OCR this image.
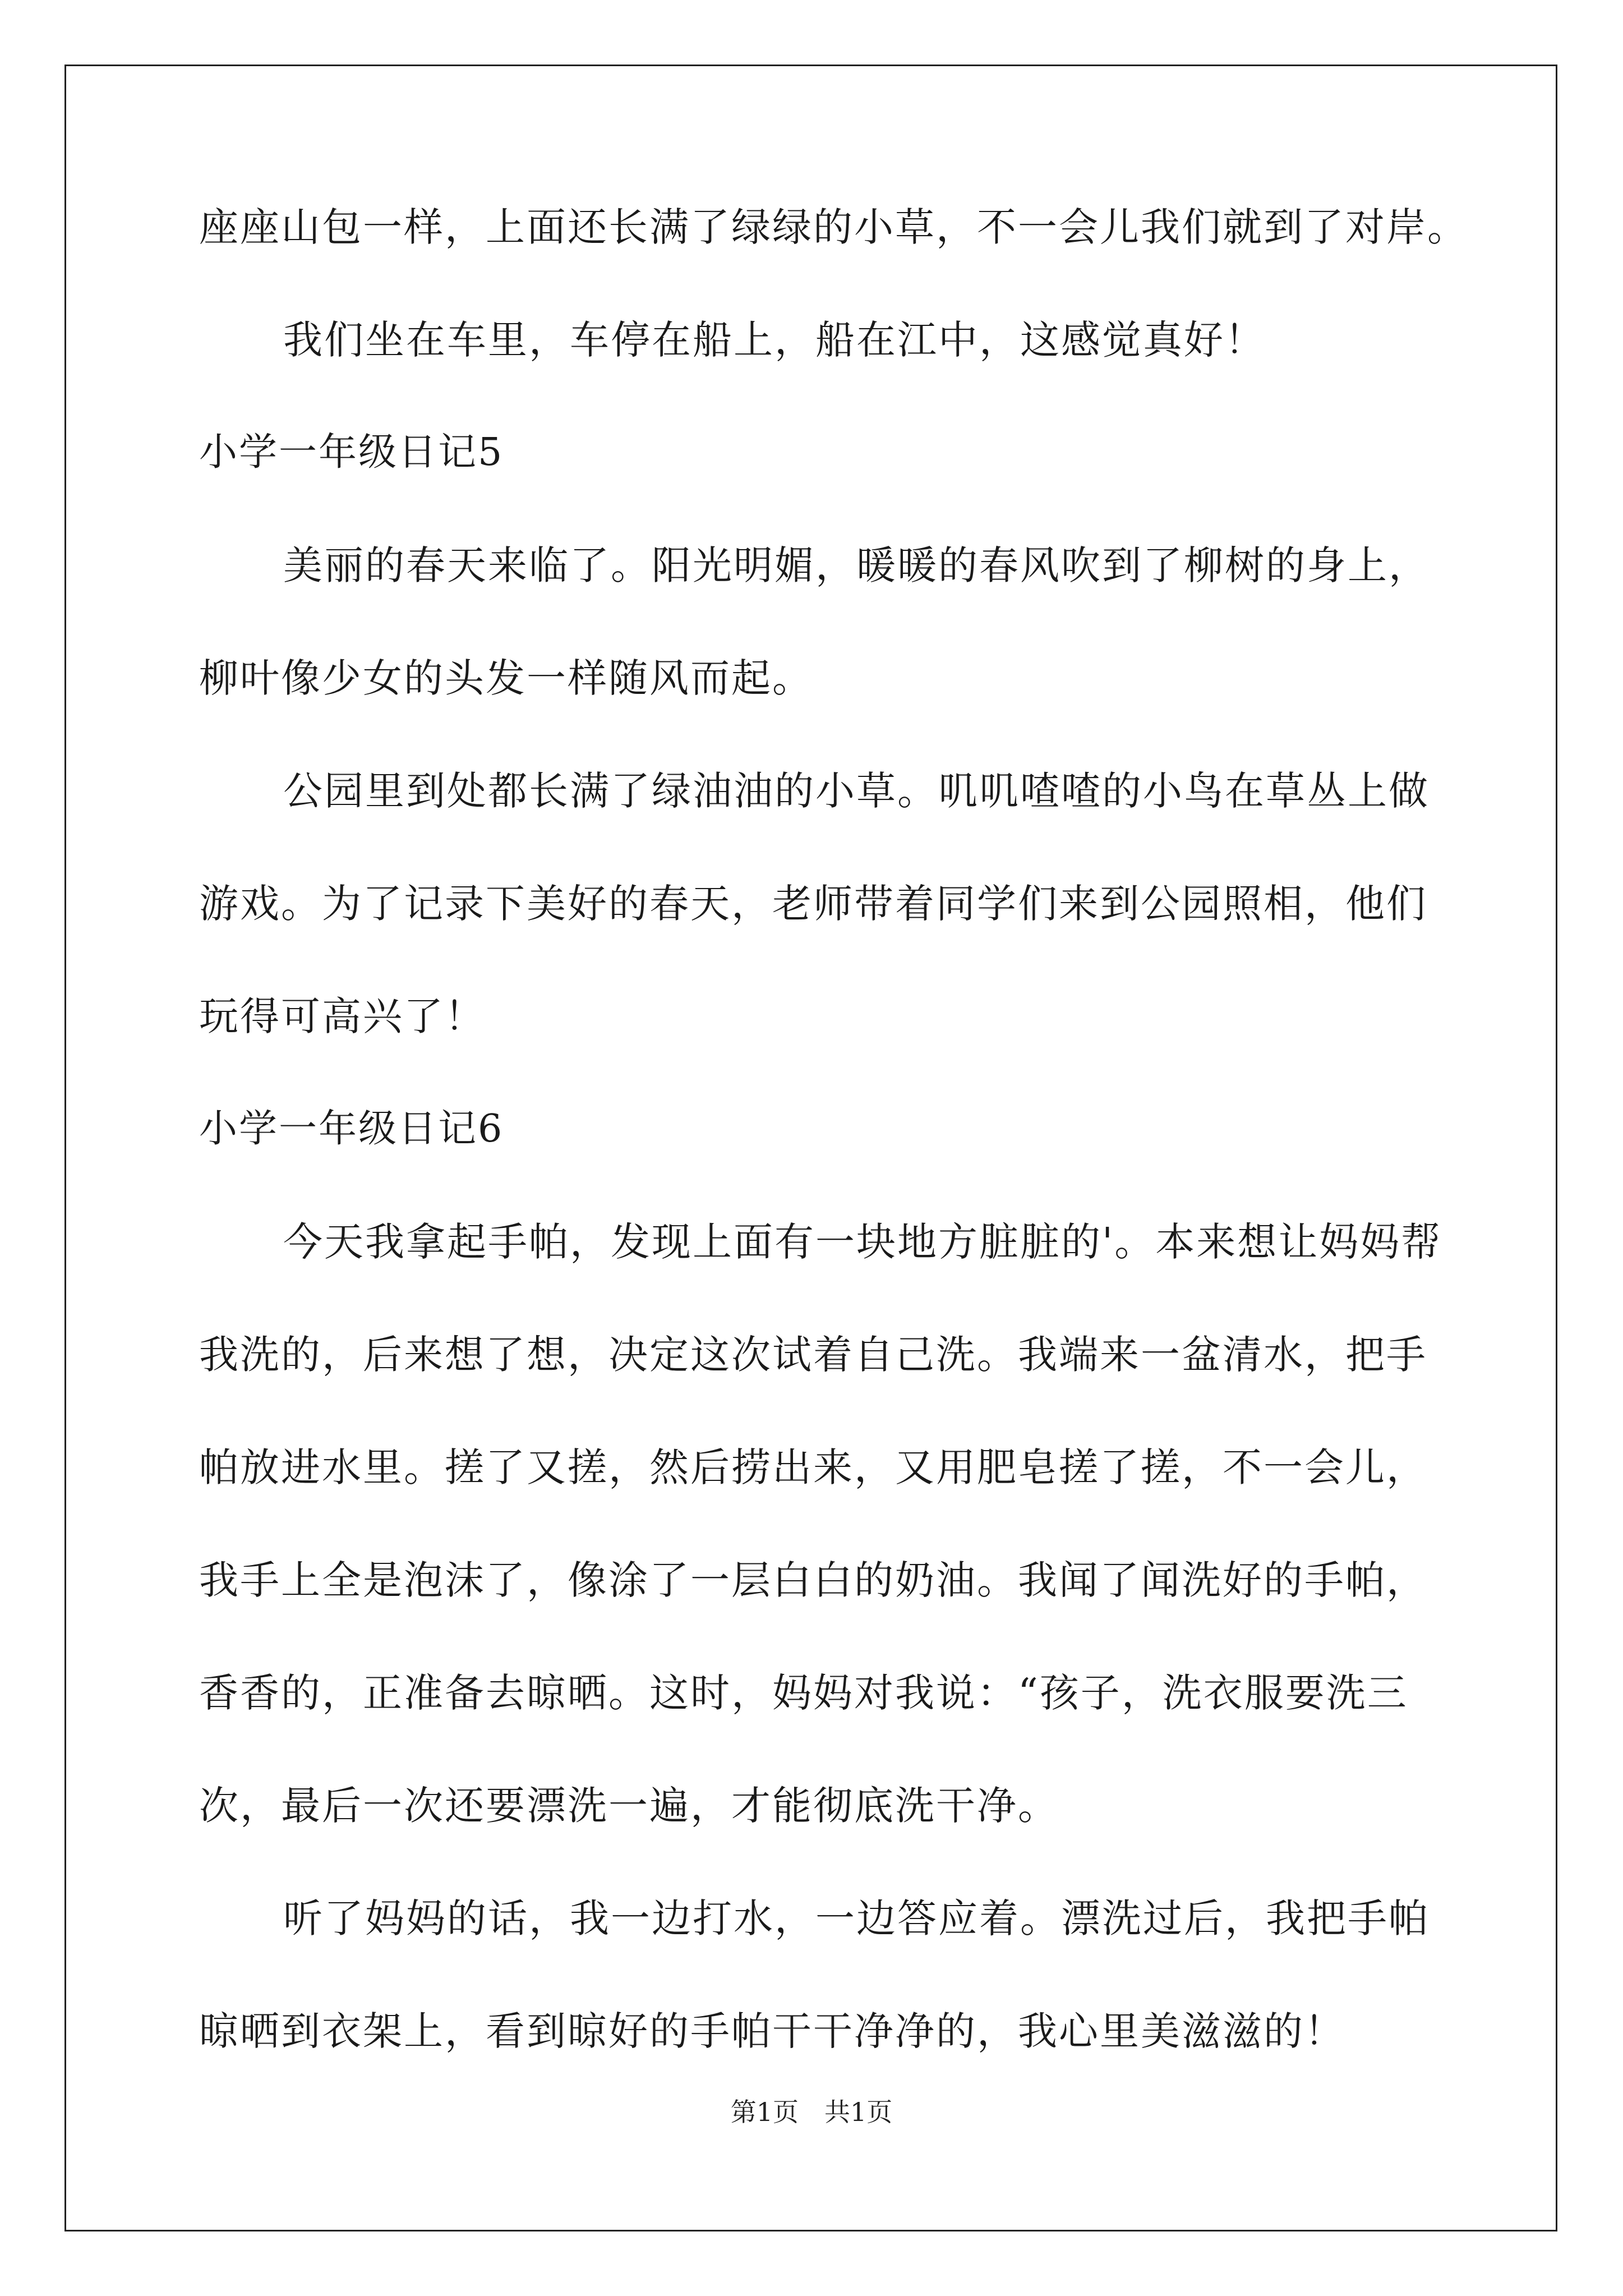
座座山包一样，上面还长满了绿绿的小草，不一会儿我们就到了对岸。
我们坐在车里，车停在船上，船在江中，这感觉真好！
小学一年级日记5
美丽的春天来临了。阳光明媚，暖暖的春风吹到了柳树的身上，
柳叶像少女的头发一样随风而起。
公园里到处都长满了绿油油的小草。叽叽喳喳的小鸟在草丛上做
游戏。为了记录下美好的春天，老师带着同学们来到公园照相，他们
玩得可高兴了！
小学一年级日记6
今天我拿起手帕，发现上面有一块地方脏脏的'。本来想让妈妈帮
我洗的，后来想了想，决定这次试着自己洗。我端来一盆清水，把手
帕放进水里。搓了又搓，然后捞出来，又用肥皂搓了搓，不一会儿，
我手上全是泡沫了，像涂了一层白白的奶油。我闻了闻洗好的手帕，
香香的，正准备去晾晒。这时，妈妈对我说：“孩子，洗衣服要洗三
次，最后一次还要漂洗一遍，才能彻底洗干净。
听了妈妈的话，我一边打水，一边答应着。漂洗过后，我把手帕
晾晒到衣架上，看到晾好的手帕干干净净的，我心里美滋滋的！
第1页　共1页
